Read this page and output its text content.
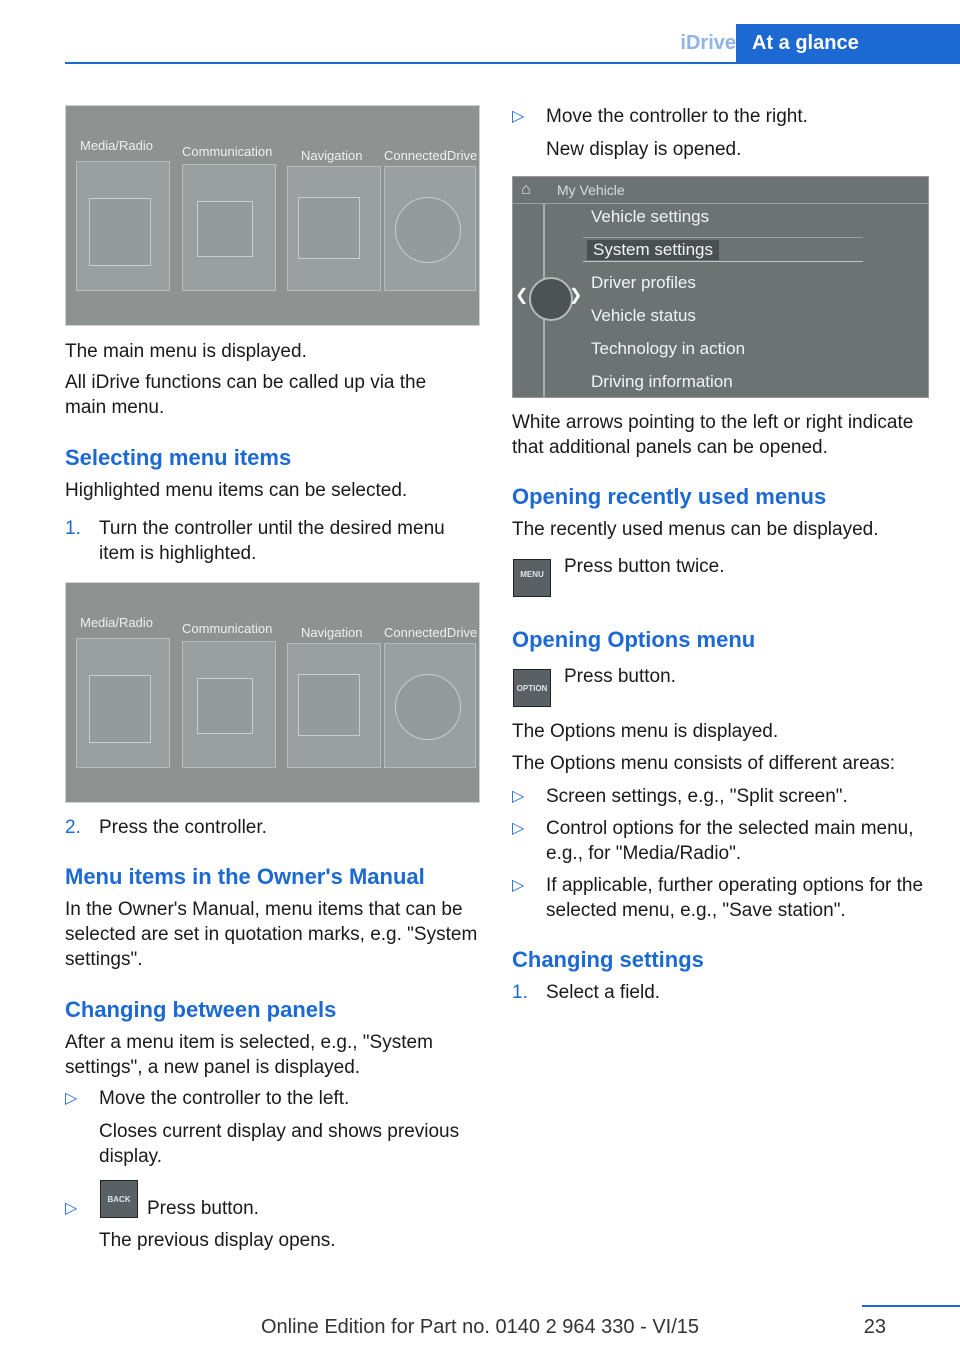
iDrive At a glance
Media/Radio Communication Navigation ConnectedDrive
Media/Radio Communication Navigation ConnectedDrive

The main menu is displayed.

All iDrive functions can be called up via the main menu.

Selecting menu items

Highlighted menu items can be selected.

1. Turn the controller until the desired menu item is highlighted.
2. Press the controller.
Menu items in the Owner's Manual

In the Owner's Manual, menu items that can be selected are set in quotation marks, e.g. "System settings".

Changing between panels

After a menu item is selected, e.g., "System settings", a new panel is displayed.

▷ Move the controller to the left.
Closes current display and shows previous display.
▷
BACK Press button.
The previous display opens.
▷ Move the controller to the right.
New display is opened.
⌂ My Vehicle
❮	❯
Vehicle settings
System settings
Driver profiles
Vehicle status
Technology in action
Driving information

White arrows pointing to the left or right indicate that additional panels can be opened.

Opening recently used menus

The recently used menus can be displayed.

MENU	Press button twice.

Opening Options menu
OPTION

Press button.

The Options menu is displayed.

The Options menu consists of different areas:

▷ Screen settings, e.g., "Split screen".
▷ Control options for the selected main menu, e.g., for "Media/Radio".
▷ If applicable, further operating options for the selected menu, e.g., "Save station".
Changing settings
1. Select a field.
23
Online Edition for Part no. 0140 2 964 330 - VI/15
